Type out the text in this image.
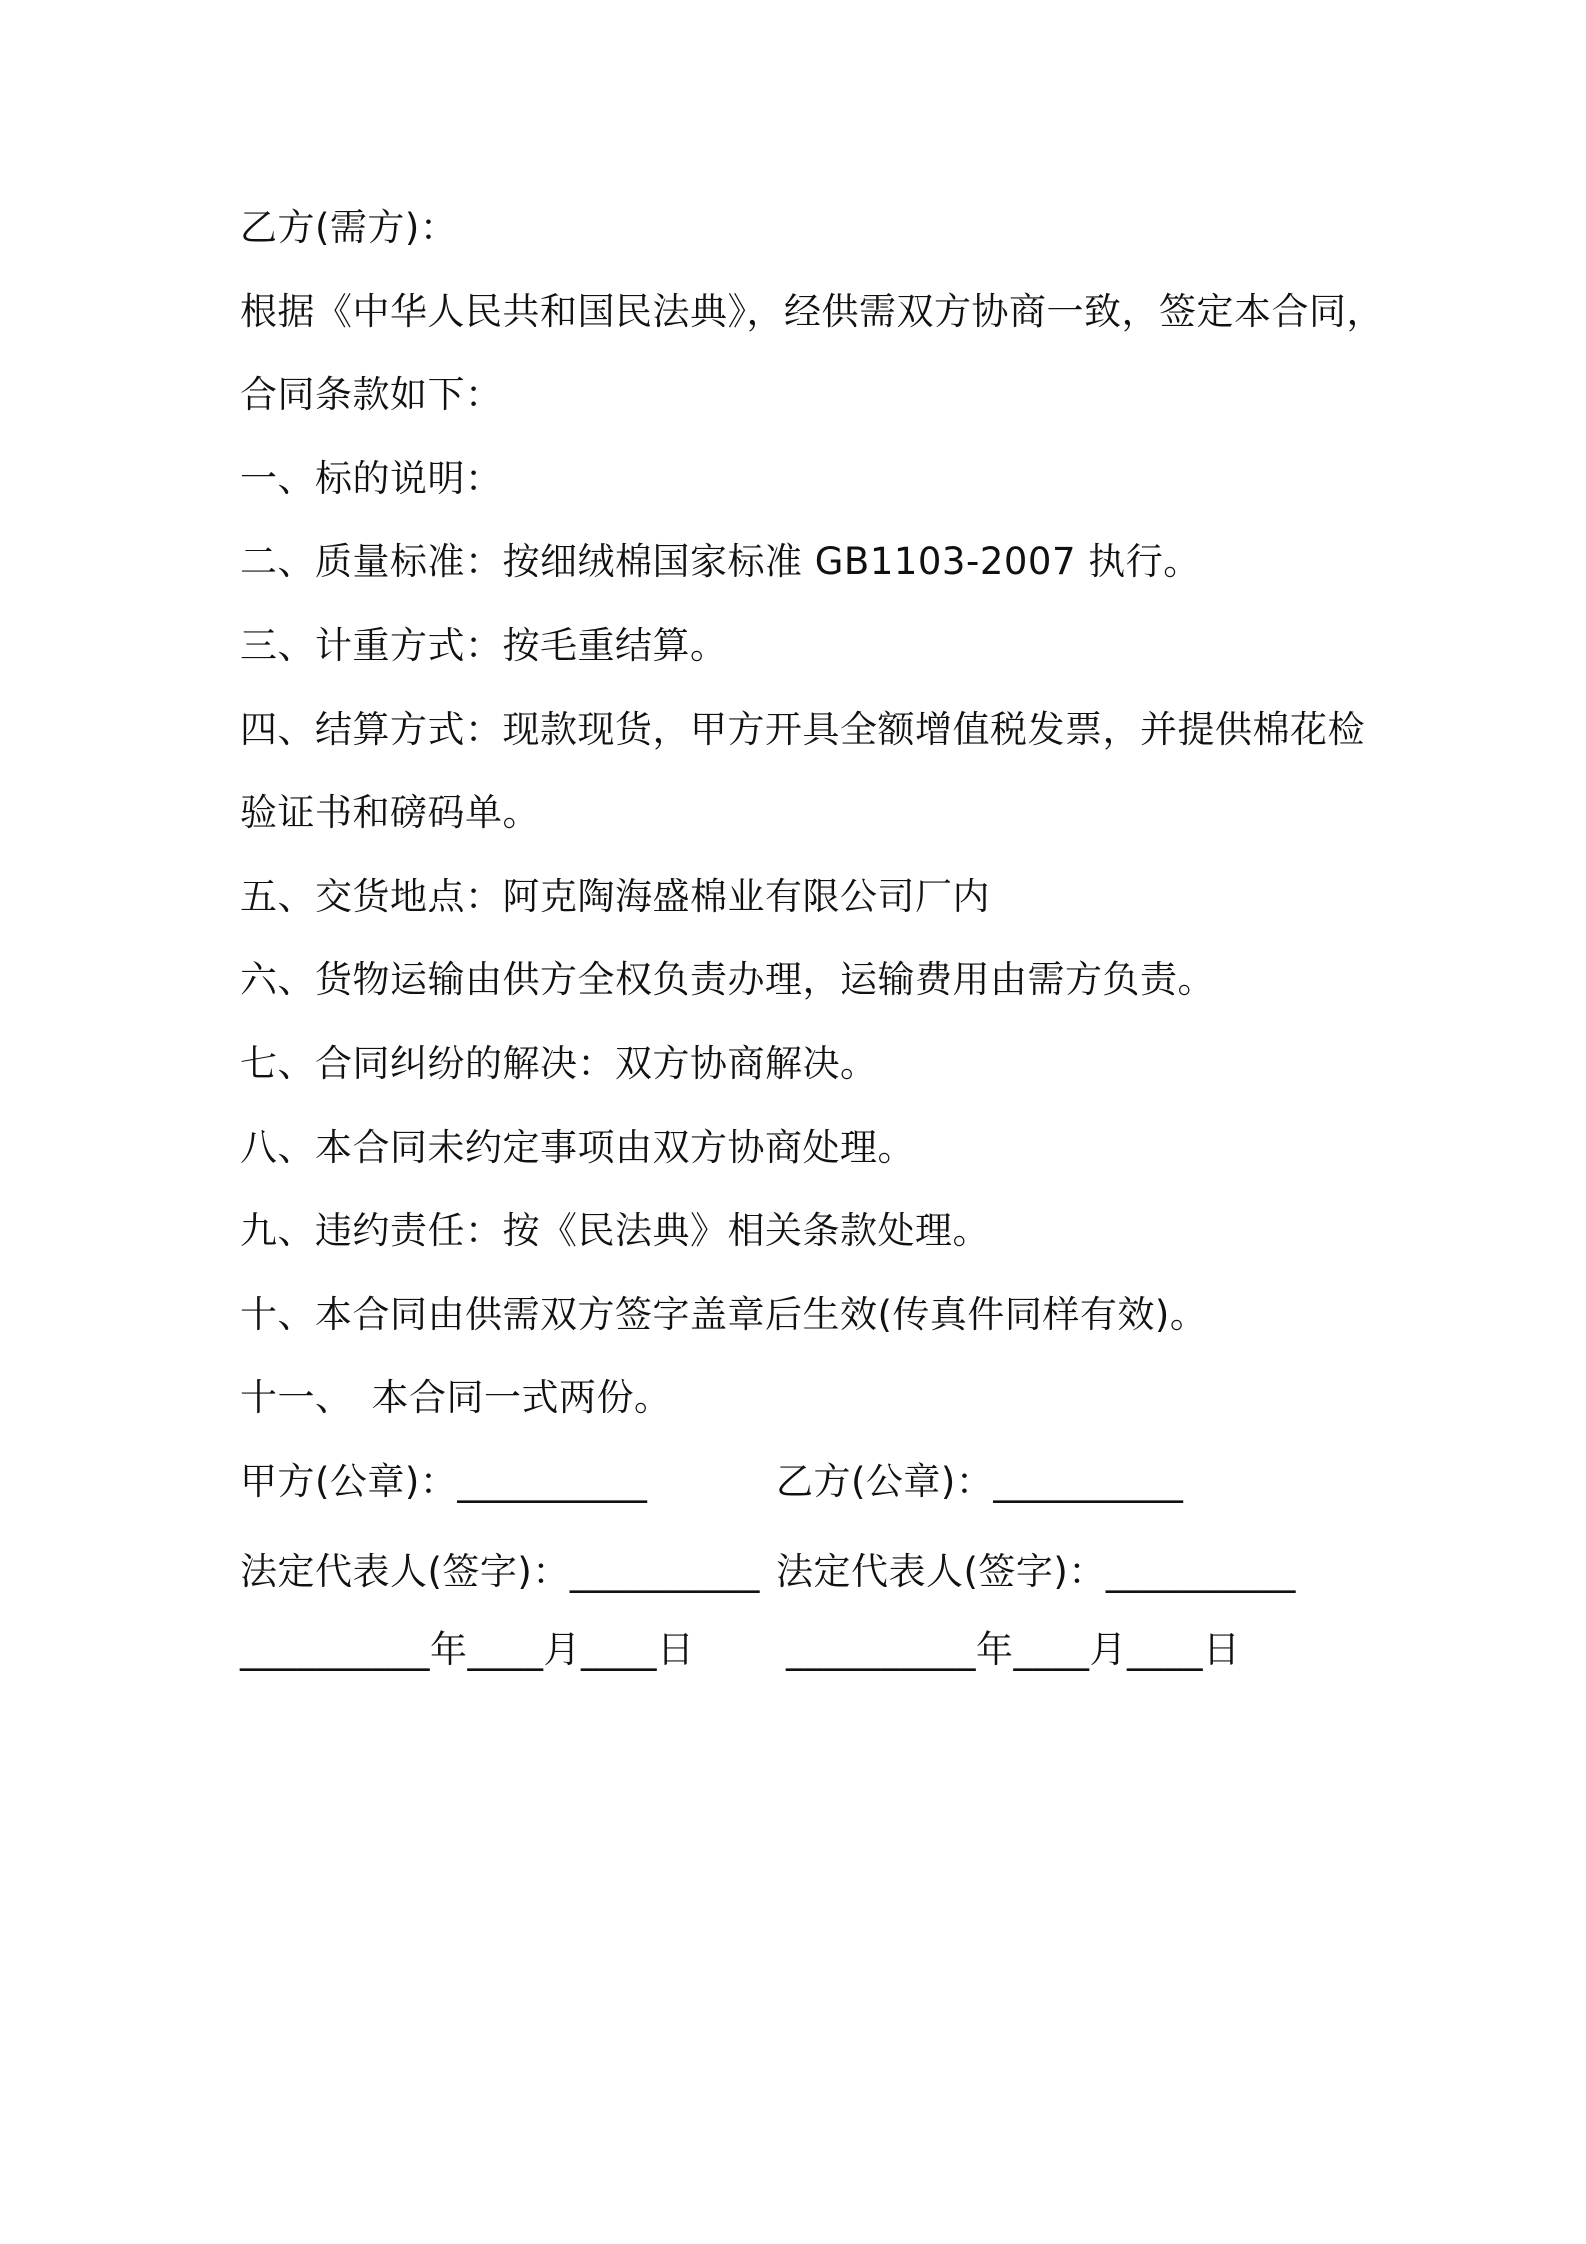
乙方(需方)：
根据《中华人民共和国民法典》，经供需双方协商一致，签定本合同，
合同条款如下：
一、标的说明：
二、质量标准：按细绒棉国家标准 GB1103-2007 执行。
三、计重方式：按毛重结算。
四、结算方式：现款现货，甲方开具全额增值税发票，并提供棉花检
验证书和磅码单。
五、交货地点：阿克陶海盛棉业有限公司厂内
六、货物运输由供方全权负责办理，运输费用由需方负责。
七、合同纠纷的解决：双方协商解决。
八、本合同未约定事项由双方协商处理。
九、违约责任：按《民法典》相关条款处理。
十、本合同由供需双方签字盖章后生效(传真件同样有效)。
十一、　本合同一式两份。
甲方(公章)：__________	乙方(公章)：__________
法定代表人(签字)：__________ 法定代表人(签字)：__________
__________年____月____日 __________年____月____日
